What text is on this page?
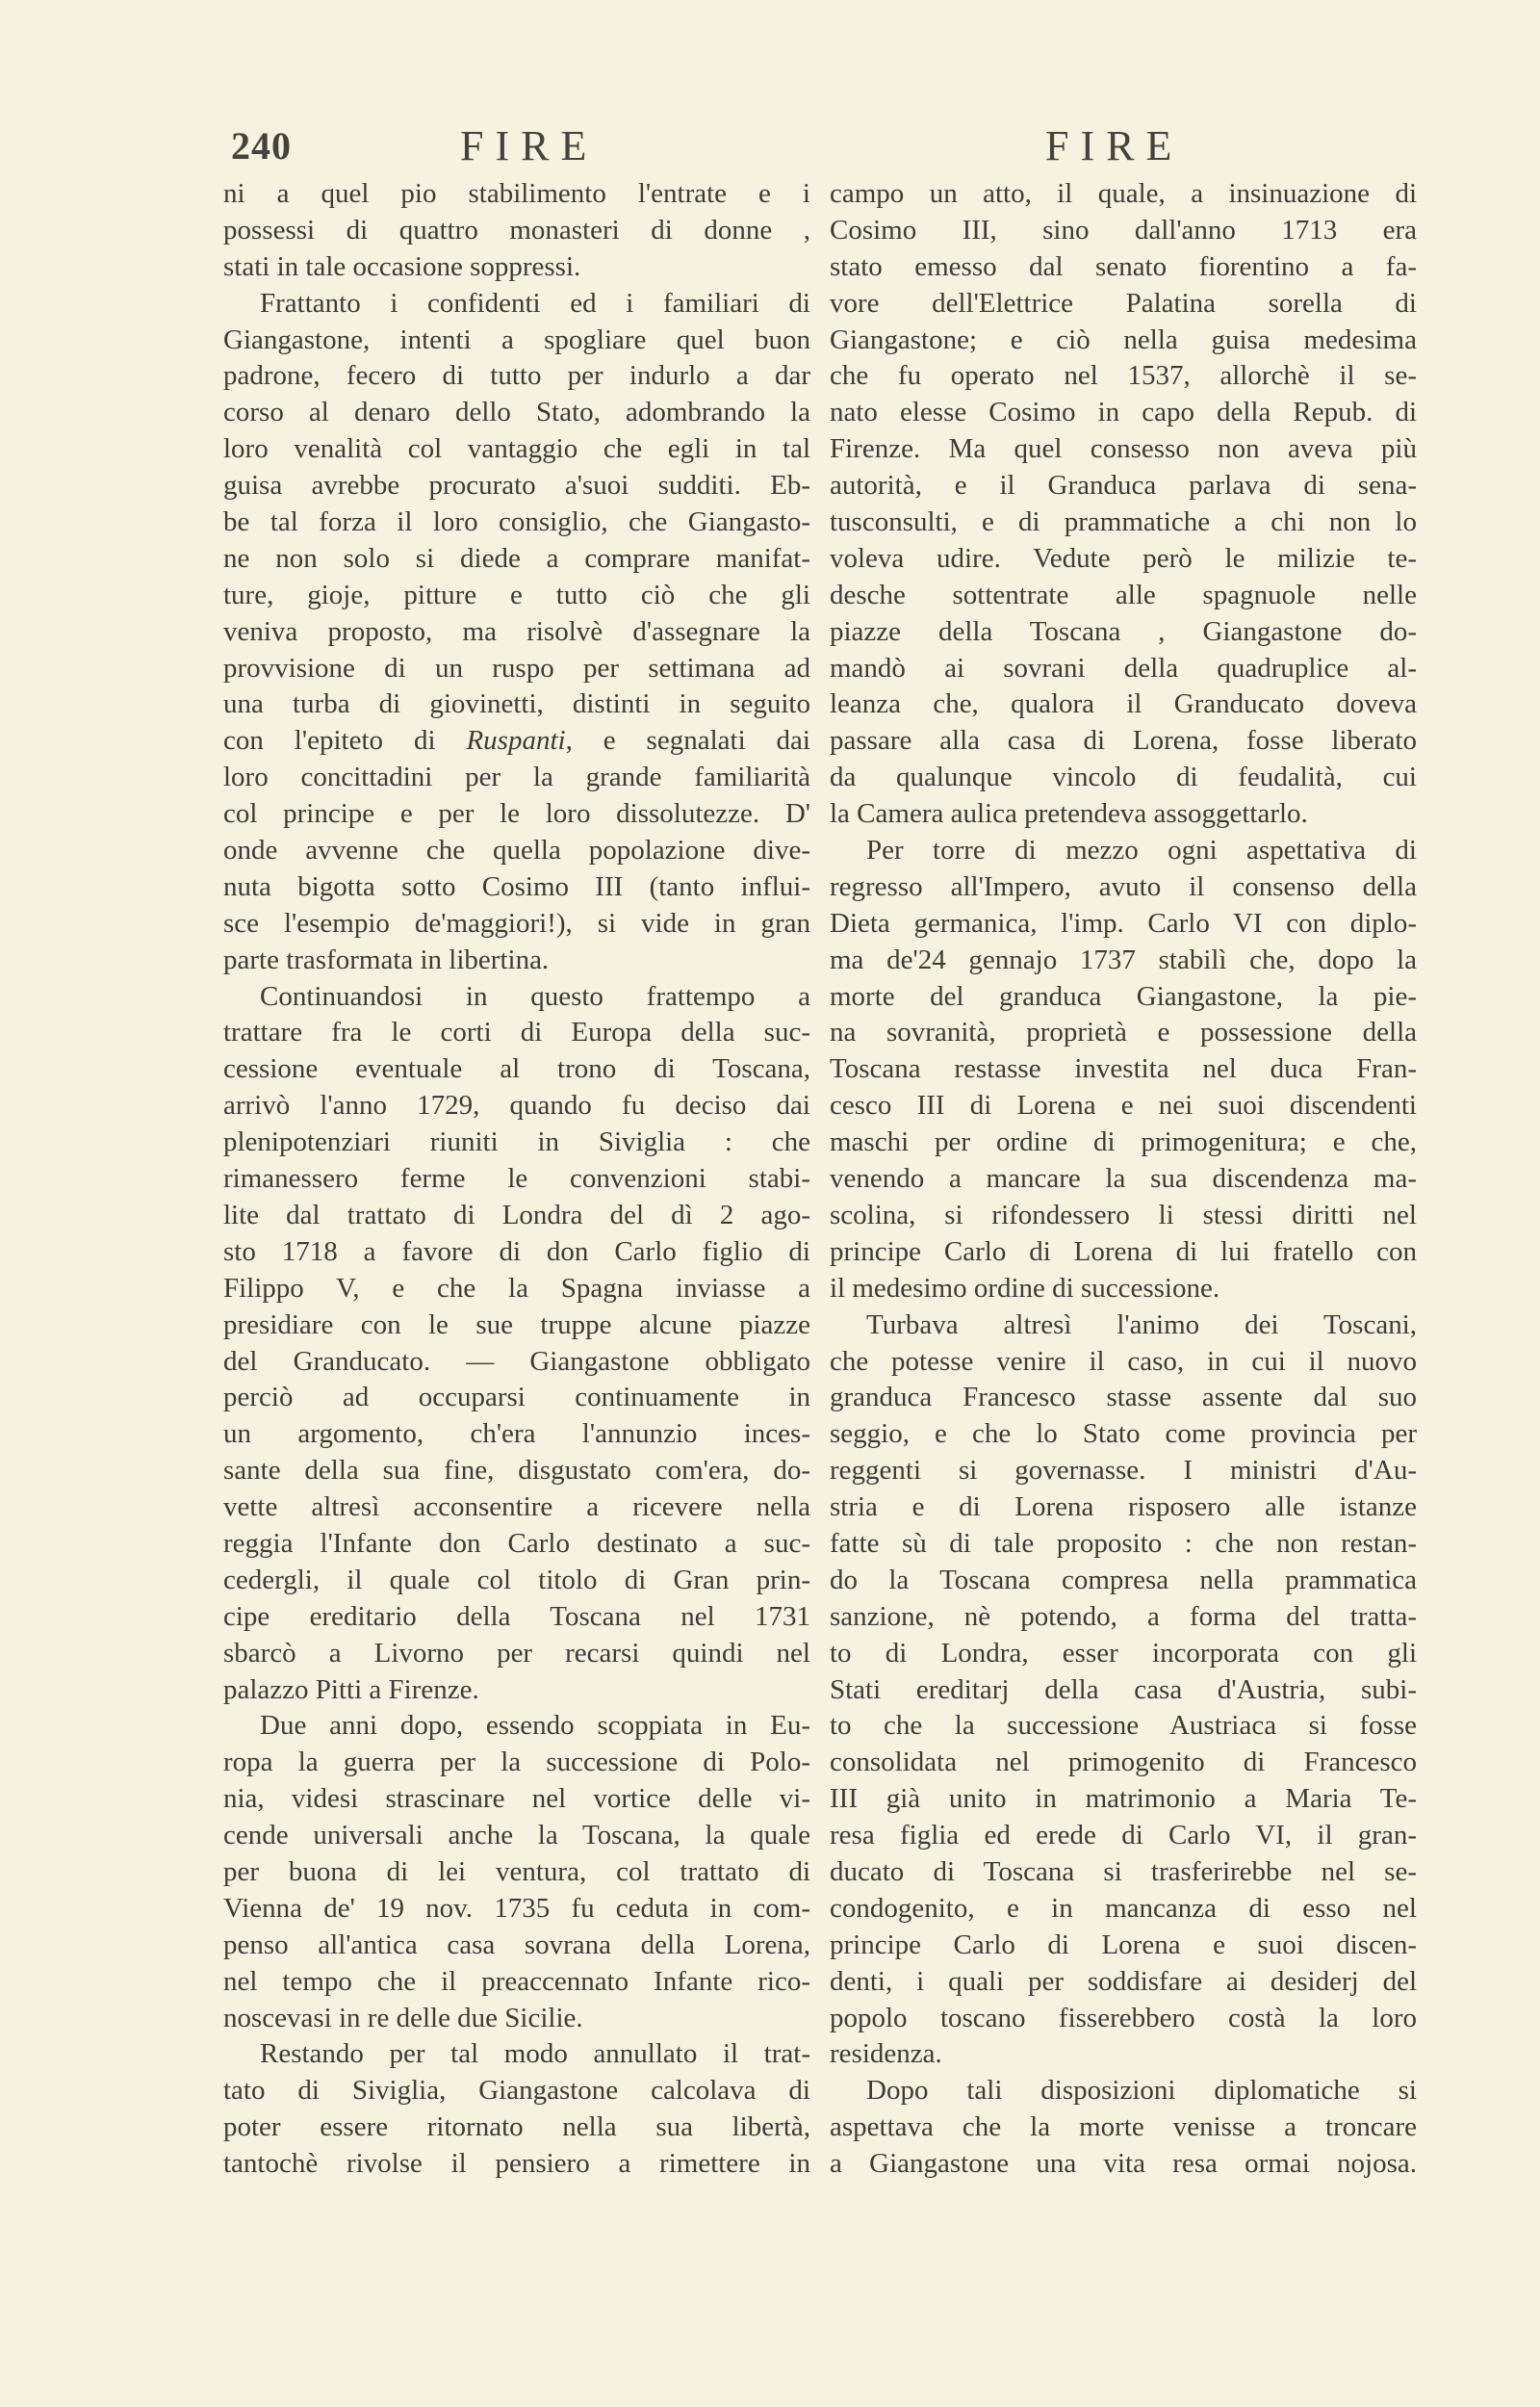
240	FIRE	FIRE
ni a quel pio stabilimento l'entrate e i
possessi di quattro monasteri di donne ,
stati in tale occasione soppressi.
Frattanto i confidenti ed i familiari di
Giangastone, intenti a spogliare quel buon
padrone, fecero di tutto per indurlo a dar
corso al denaro dello Stato, adombrando la
loro venalità col vantaggio che egli in tal
guisa avrebbe procurato a'suoi sudditi. Eb-
be tal forza il loro consiglio, che Giangasto-
ne non solo si diede a comprare manifat-
ture, gioje, pitture e tutto ciò che gli
veniva proposto, ma risolvè d'assegnare la
provvisione di un ruspo per settimana ad
una turba di giovinetti, distinti in seguito
con l'epiteto di Ruspanti, e segnalati dai
loro concittadini per la grande familiarità
col principe e per le loro dissolutezze. D'
onde avvenne che quella popolazione dive-
nuta bigotta sotto Cosimo III (tanto influi-
sce l'esempio de'maggiori!), si vide in gran
parte trasformata in libertina.
Continuandosi in questo frattempo a
trattare fra le corti di Europa della suc-
cessione eventuale al trono di Toscana,
arrivò l'anno 1729, quando fu deciso dai
plenipotenziari riuniti in Siviglia : che
rimanessero ferme le convenzioni stabi-
lite dal trattato di Londra del dì 2 ago-
sto 1718 a favore di don Carlo figlio di
Filippo V, e che la Spagna inviasse a
presidiare con le sue truppe alcune piazze
del Granducato. — Giangastone obbligato
perciò ad occuparsi continuamente in
un argomento, ch'era l'annunzio inces-
sante della sua fine, disgustato com'era, do-
vette altresì acconsentire a ricevere nella
reggia l'Infante don Carlo destinato a suc-
cedergli, il quale col titolo di Gran prin-
cipe ereditario della Toscana nel 1731
sbarcò a Livorno per recarsi quindi nel
palazzo Pitti a Firenze.
Due anni dopo, essendo scoppiata in Eu-
ropa la guerra per la successione di Polo-
nia, videsi strascinare nel vortice delle vi-
cende universali anche la Toscana, la quale
per buona di lei ventura, col trattato di
Vienna de' 19 nov. 1735 fu ceduta in com-
penso all'antica casa sovrana della Lorena,
nel tempo che il preaccennato Infante rico-
noscevasi in re delle due Sicilie.
Restando per tal modo annullato il trat-
tato di Siviglia, Giangastone calcolava di
poter essere ritornato nella sua libertà,
tantochè rivolse il pensiero a rimettere in
campo un atto, il quale, a insinuazione di
Cosimo III, sino dall'anno 1713 era
stato emesso dal senato fiorentino a fa-
vore dell'Elettrice Palatina sorella di
Giangastone; e ciò nella guisa medesima
che fu operato nel 1537, allorchè il se-
nato elesse Cosimo in capo della Repub. di
Firenze. Ma quel consesso non aveva più
autorità, e il Granduca parlava di sena-
tusconsulti, e di prammatiche a chi non lo
voleva udire. Vedute però le milizie te-
desche sottentrate alle spagnuole nelle
piazze della Toscana , Giangastone do-
mandò ai sovrani della quadruplice al-
leanza che, qualora il Granducato doveva
passare alla casa di Lorena, fosse liberato
da qualunque vincolo di feudalità, cui
la Camera aulica pretendeva assoggettarlo.
Per torre di mezzo ogni aspettativa di
regresso all'Impero, avuto il consenso della
Dieta germanica, l'imp. Carlo VI con diplo-
ma de'24 gennajo 1737 stabilì che, dopo la
morte del granduca Giangastone, la pie-
na sovranità, proprietà e possessione della
Toscana restasse investita nel duca Fran-
cesco III di Lorena e nei suoi discendenti
maschi per ordine di primogenitura; e che,
venendo a mancare la sua discendenza ma-
scolina, si rifondessero li stessi diritti nel
principe Carlo di Lorena di lui fratello con
il medesimo ordine di successione.
Turbava altresì l'animo dei Toscani,
che potesse venire il caso, in cui il nuovo
granduca Francesco stasse assente dal suo
seggio, e che lo Stato come provincia per
reggenti si governasse. I ministri d'Au-
stria e di Lorena risposero alle istanze
fatte sù di tale proposito : che non restan-
do la Toscana compresa nella prammatica
sanzione, nè potendo, a forma del tratta-
to di Londra, esser incorporata con gli
Stati ereditarj della casa d'Austria, subi-
to che la successione Austriaca si fosse
consolidata nel primogenito di Francesco
III già unito in matrimonio a Maria Te-
resa figlia ed erede di Carlo VI, il gran-
ducato di Toscana si trasferirebbe nel se-
condogenito, e in mancanza di esso nel
principe Carlo di Lorena e suoi discen-
denti, i quali per soddisfare ai desiderj del
popolo toscano fisserebbero costà la loro
residenza.
Dopo tali disposizioni diplomatiche si
aspettava che la morte venisse a troncare
a Giangastone una vita resa ormai nojosa.
